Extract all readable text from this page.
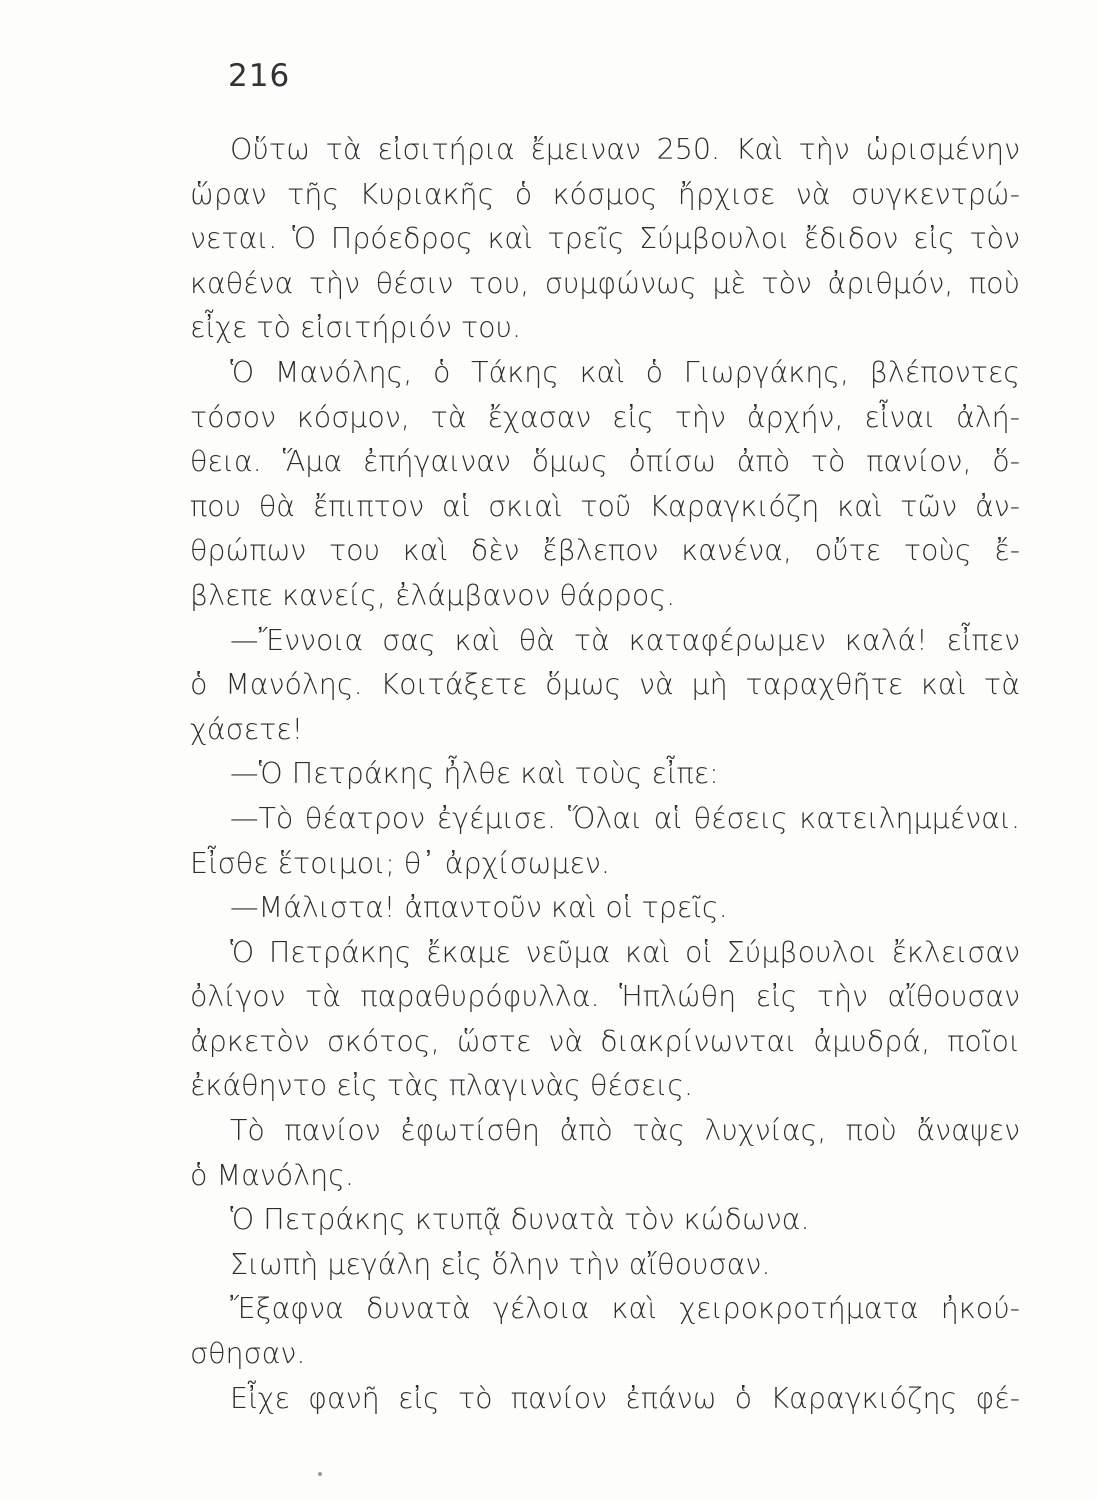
216
Οὕτω τὰ εἰσιτήρια ἔμειναν 250. Καὶ τὴν ὡρισμένην
ὥραν τῆς Κυριακῆς ὁ κόσμος ἤρχισε νὰ συγκεντρώ-
νεται. Ὁ Πρόεδρος καὶ τρεῖς Σύμβουλοι ἔδιδον εἰς τὸν
καθένα τὴν θέσιν του, συμφώνως μὲ τὸν ἀριθμόν, ποὺ
εἶχε τὸ εἰσιτήριόν του.
Ὁ Μανόλης, ὁ Τάκης καὶ ὁ Γιωργάκης, βλέποντες
τόσον κόσμον, τὰ ἔχασαν εἰς τὴν ἀρχήν, εἶναι ἀλή-
θεια. Ἅμα ἐπήγαιναν ὅμως ὀπίσω ἀπὸ τὸ πανίον, ὅ-
που θὰ ἔπιπτον αἱ σκιαὶ τοῦ Καραγκιόζη καὶ τῶν ἀν-
θρώπων του καὶ δὲν ἔβλεπον κανένα, οὔτε τοὺς ἔ-
βλεπε κανείς, ἐλάμβανον θάρρος.
—Ἔννοια σας καὶ θὰ τὰ καταφέρωμεν καλά! εἶπεν
ὁ Μανόλης. Κοιτάξετε ὅμως νὰ μὴ ταραχθῆτε καὶ τὰ
χάσετε!
—Ὁ Πετράκης ἦλθε καὶ τοὺς εἶπε:
—Τὸ θέατρον ἐγέμισε. Ὅλαι αἱ θέσεις κατειλημμέναι.
Εἶσθε ἕτοιμοι; θ᾽ ἀρχίσωμεν.
—Μάλιστα! ἀπαντοῦν καὶ οἱ τρεῖς.
Ὁ Πετράκης ἔκαμε νεῦμα καὶ οἱ Σύμβουλοι ἔκλεισαν
ὀλίγον τὰ παραθυρόφυλλα. Ἡπλώθη εἰς τὴν αἴθουσαν
ἀρκετὸν σκότος, ὥστε νὰ διακρίνωνται ἀμυδρά, ποῖοι
ἐκάθηντο εἰς τὰς πλαγινὰς θέσεις.
Τὸ πανίον ἐφωτίσθη ἀπὸ τὰς λυχνίας, ποὺ ἄναψεν
ὁ Μανόλης.
Ὁ Πετράκης κτυπᾷ δυνατὰ τὸν κώδωνα.
Σιωπὴ μεγάλη εἰς ὅλην τὴν αἴθουσαν.
Ἔξαφνα δυνατὰ γέλοια καὶ χειροκροτήματα ἠκού-
σθησαν.
Εἶχε φανῆ εἰς τὸ πανίον ἐπάνω ὁ Καραγκιόζης φέ-
